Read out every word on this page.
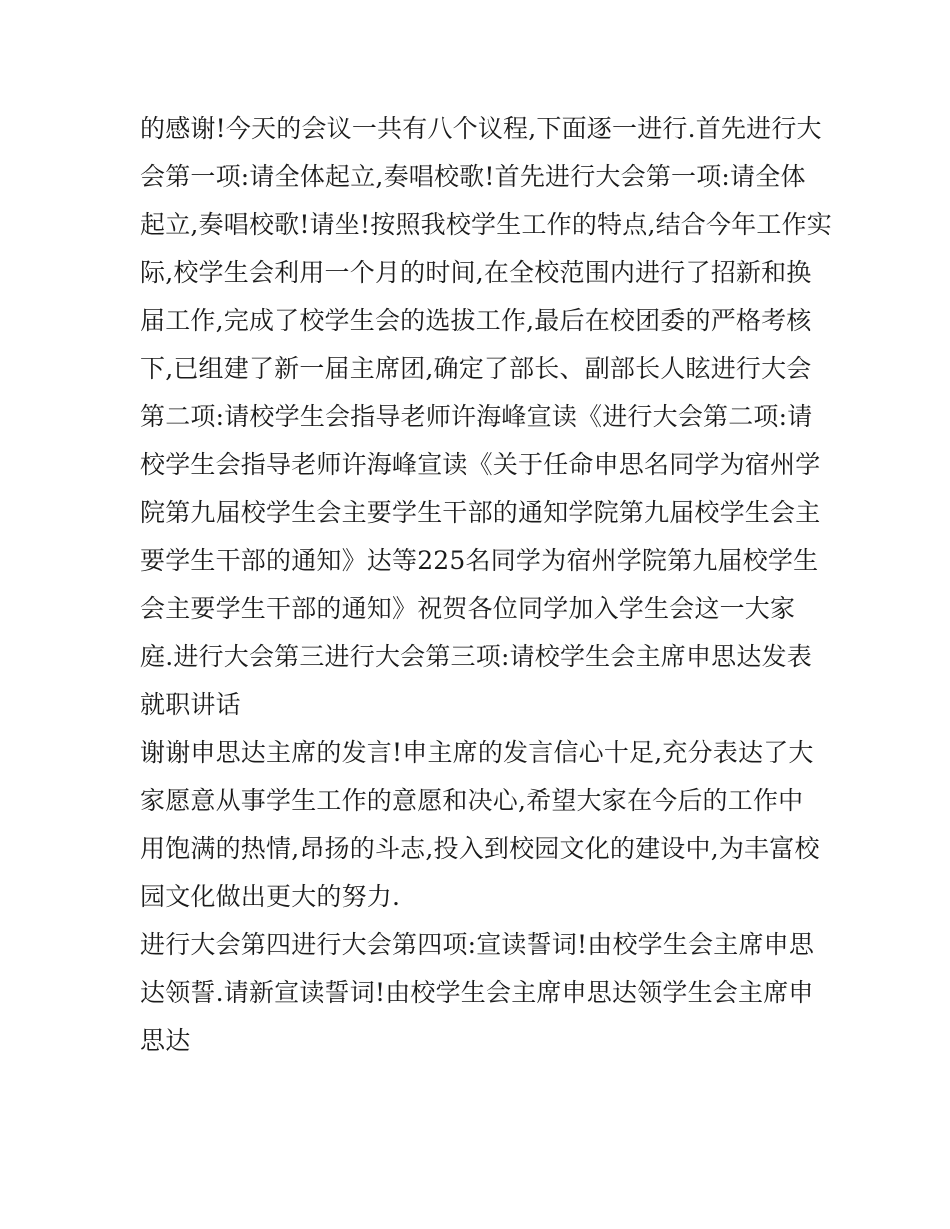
的感谢!今天的会议一共有八个议程,下面逐一进行.首先进行大
会第一项:请全体起立,奏唱校歌!首先进行大会第一项:请全体
起立,奏唱校歌!请坐!按照我校学生工作的特点,结合今年工作实
际,校学生会利用一个月的时间,在全校范围内进行了招新和换
届工作,完成了校学生会的选拔工作,最后在校团委的严格考核
下,已组建了新一届主席团,确定了部长、副部长人眩进行大会
第二项:请校学生会指导老师许海峰宣读《进行大会第二项:请
校学生会指导老师许海峰宣读《关于任命申思名同学为宿州学
院第九届校学生会主要学生干部的通知学院第九届校学生会主
要学生干部的通知》达等225名同学为宿州学院第九届校学生
会主要学生干部的通知》祝贺各位同学加入学生会这一大家
庭.进行大会第三进行大会第三项:请校学生会主席申思达发表
就职讲话
谢谢申思达主席的发言!申主席的发言信心十足,充分表达了大
家愿意从事学生工作的意愿和决心,希望大家在今后的工作中
用饱满的热情,昂扬的斗志,投入到校园文化的建设中,为丰富校
园文化做出更大的努力.
进行大会第四进行大会第四项:宣读誓词!由校学生会主席申思
达领誓.请新宣读誓词!由校学生会主席申思达领学生会主席申
思达
